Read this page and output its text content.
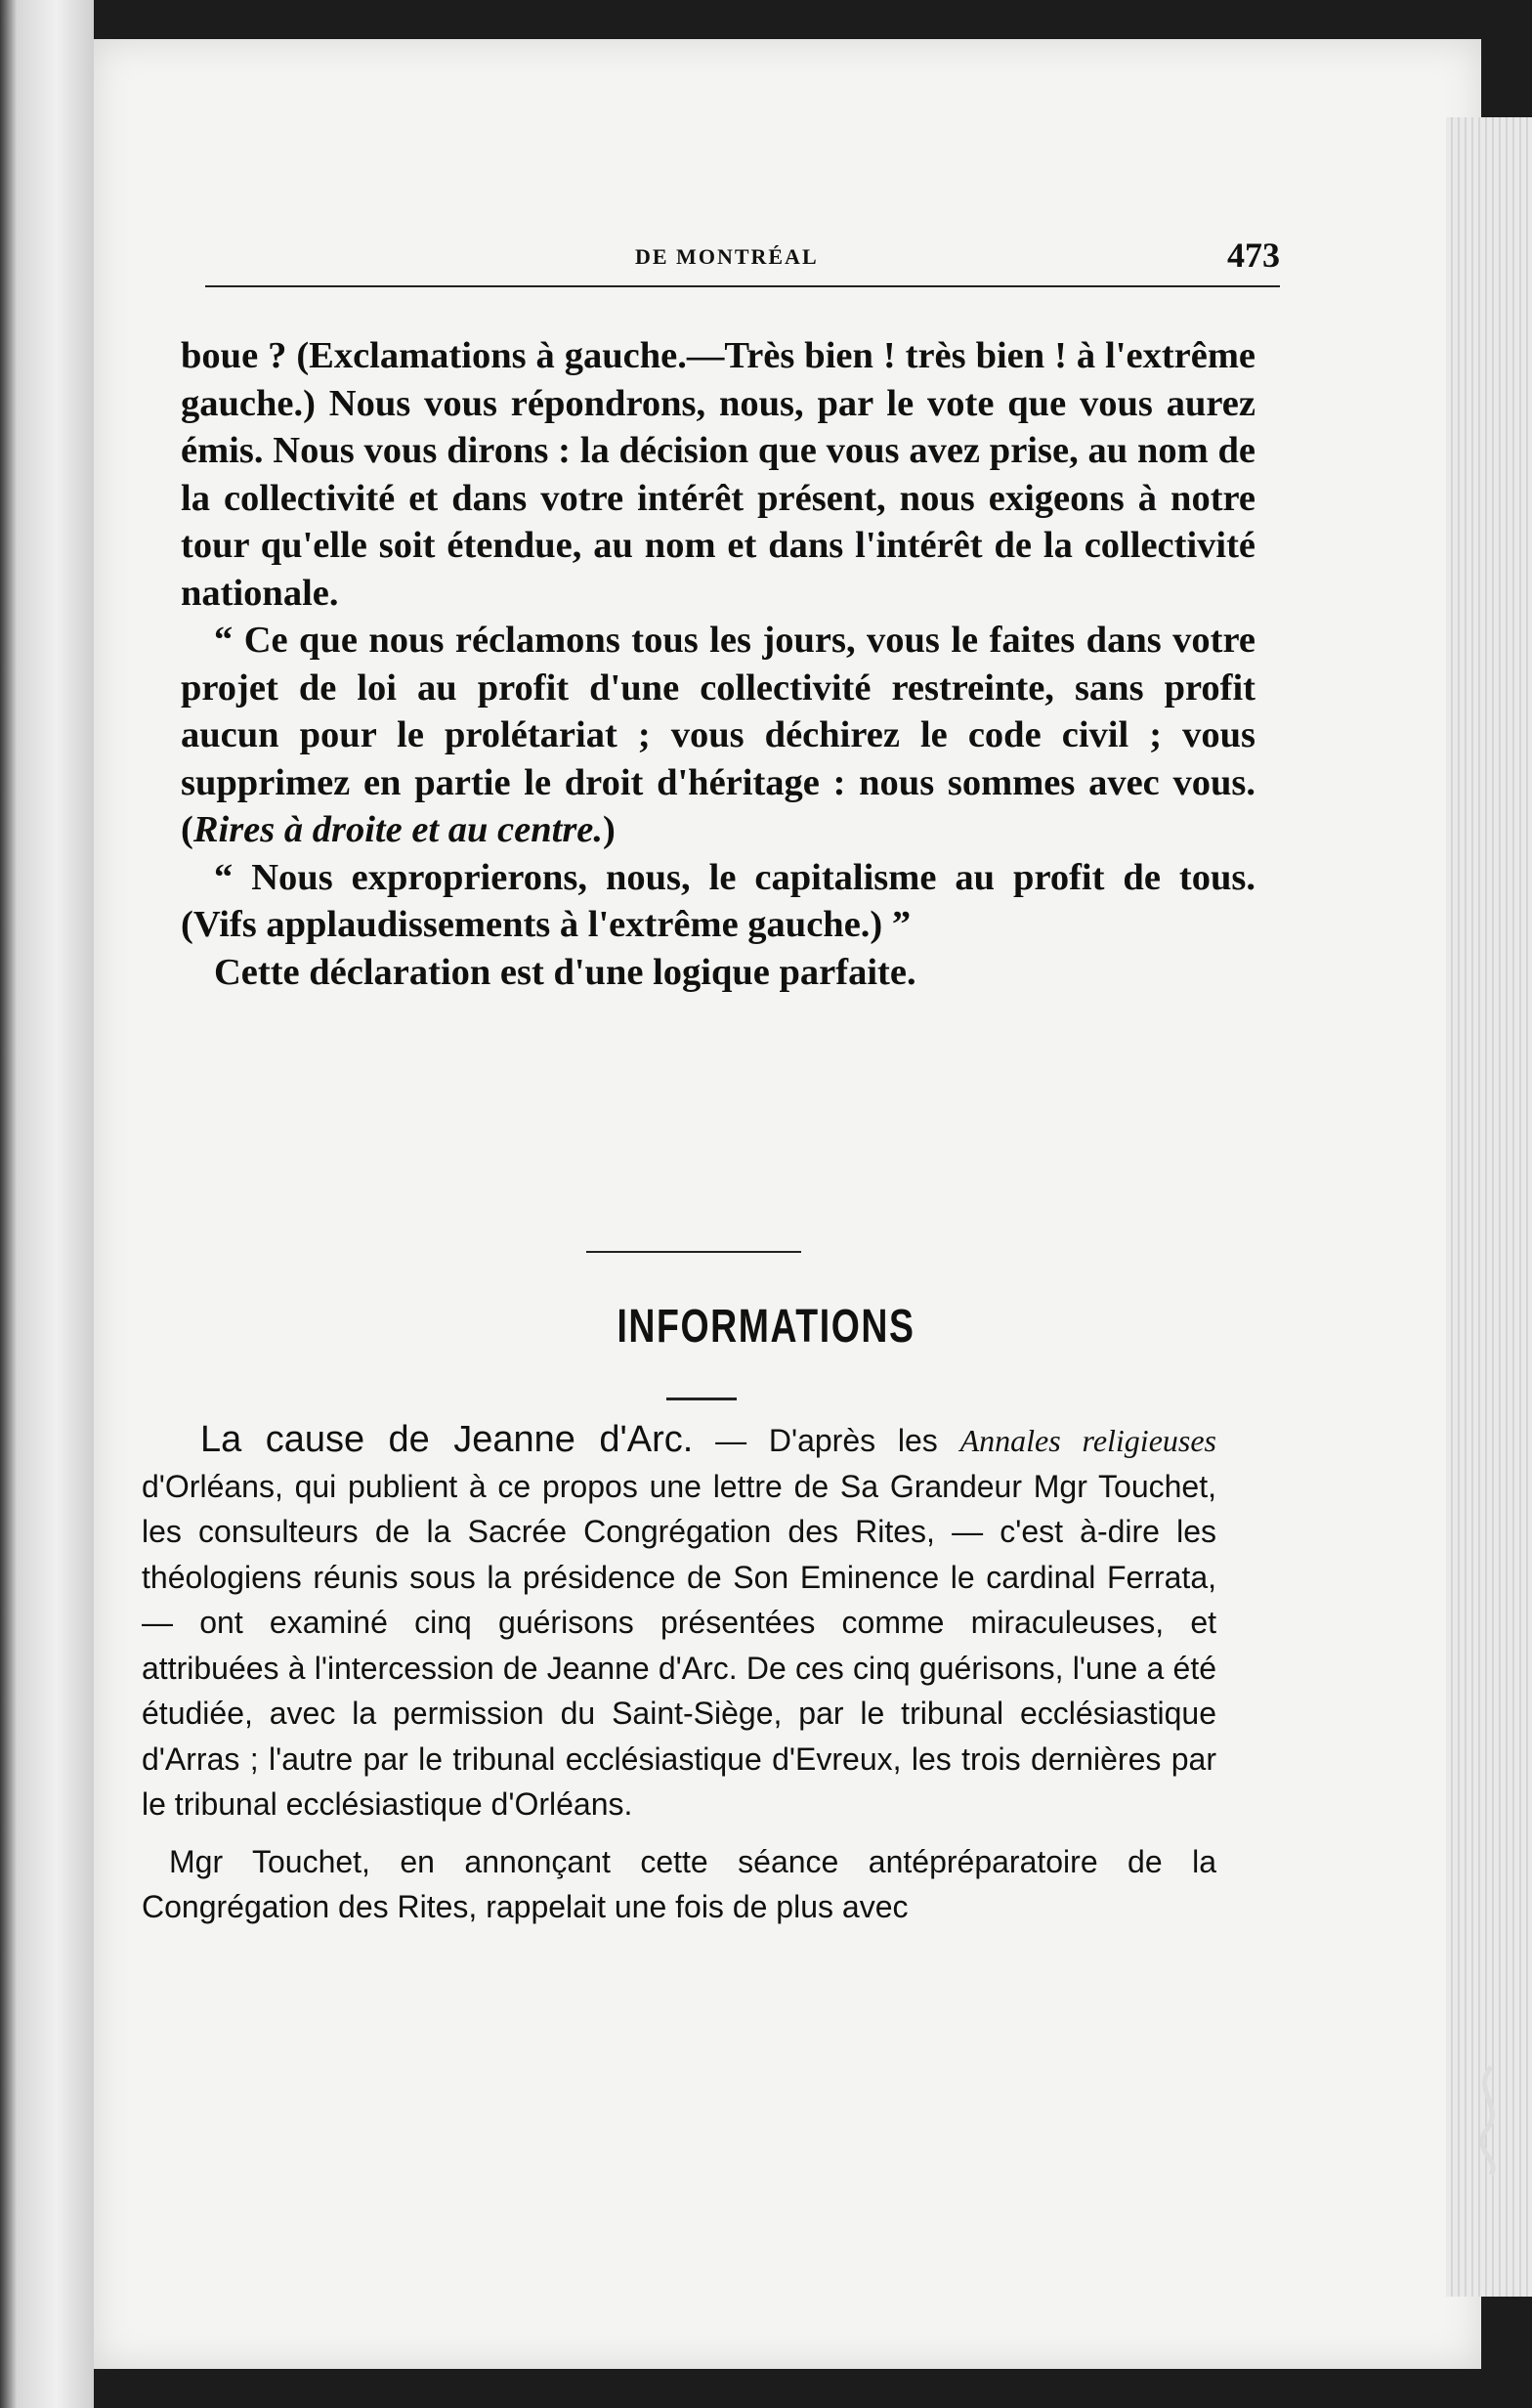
DE MONTRÉAL	473

boue ? (Exclamations à gauche.—Très bien ! très bien ! à l'extrême gauche.) Nous vous répondrons, nous, par le vote que vous aurez émis. Nous vous dirons : la décision que vous avez prise, au nom de la collectivité et dans votre intérêt présent, nous exigeons à notre tour qu'elle soit étendue, au nom et dans l'intérêt de la collectivité nationale.

“ Ce que nous réclamons tous les jours, vous le faites dans votre projet de loi au profit d'une collectivité restreinte, sans profit aucun pour le prolétariat ; vous déchirez le code civil ; vous supprimez en partie le droit d'héritage : nous sommes avec vous. (Rires à droite et au centre.)

“ Nous exproprierons, nous, le capitalisme au profit de tous. (Vifs applaudissements à l'extrême gauche.) ”

Cette déclaration est d'une logique parfaite.

INFORMATIONS

La cause de Jeanne d'Arc. — D'après les Annales religieuses d'Orléans, qui publient à ce propos une lettre de Sa Grandeur Mgr Touchet, les consulteurs de la Sacrée Congrégation des Rites, — c'est à-dire les théologiens réunis sous la présidence de Son Eminence le cardinal Ferrata, — ont examiné cinq guérisons présentées comme miraculeuses, et attribuées à l'intercession de Jeanne d'Arc. De ces cinq guérisons, l'une a été étudiée, avec la permission du Saint-Siège, par le tribunal ecclésiastique d'Arras ; l'autre par le tribunal ecclésiastique d'Evreux, les trois dernières par le tribunal ecclésiastique d'Orléans.

Mgr Touchet, en annonçant cette séance antépréparatoire de la Congrégation des Rites, rappelait une fois de plus avec
